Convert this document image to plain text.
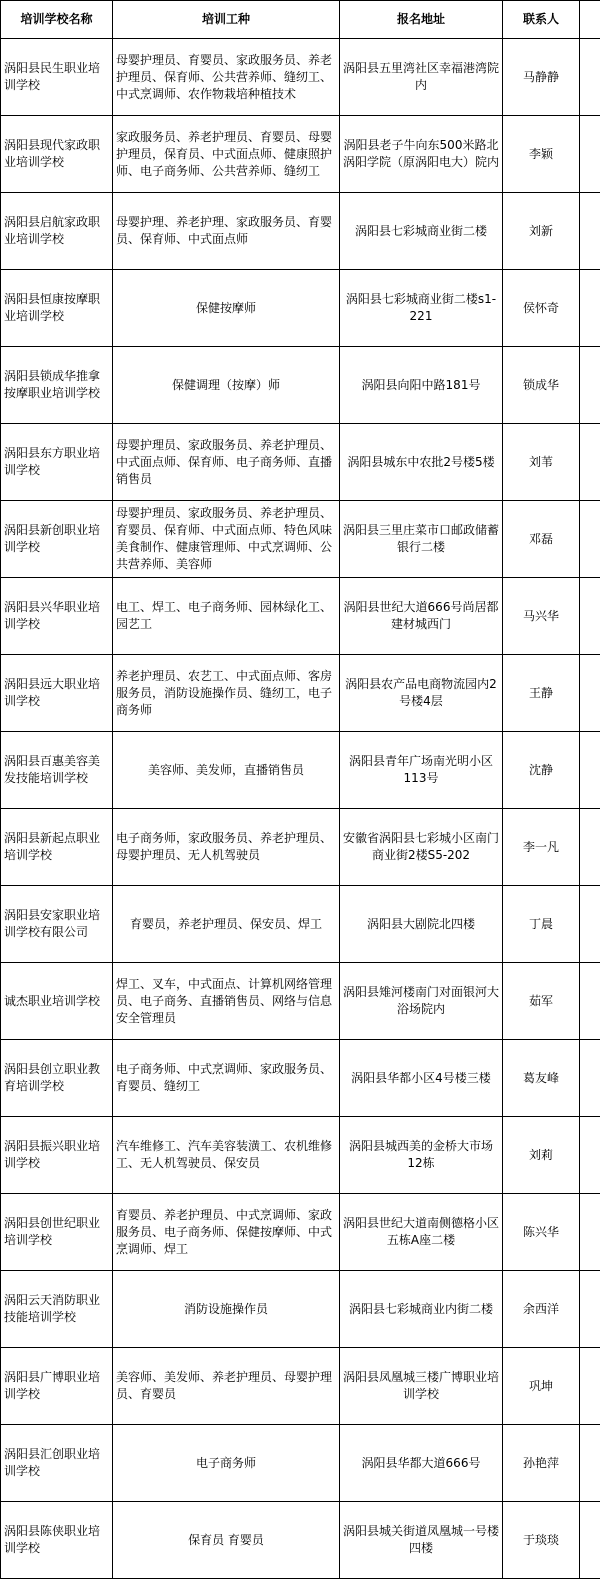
培训学校名称	培训工种	报名地址	联系人	
涡阳县民生职业培训学校	母婴护理员、育婴员、家政服务员、养老护理员、保育师、公共营养师、缝纫工、中式烹调师、农作物栽培种植技术	涡阳县五里湾社区幸福港湾院内	马静静	
涡阳县现代家政职业培训学校	家政服务员、养老护理员、育婴员、母婴护理员，保育员、中式面点师、健康照护师、电子商务师、公共营养师、缝纫工	涡阳县老子牛向东500米路北涡阳学院（原涡阳电大）院内	李颖	
涡阳县启航家政职业培训学校	母婴护理、养老护理、家政服务员、育婴员、保育师、中式面点师	涡阳县七彩城商业街二楼	刘新	
涡阳县恒康按摩职业培训学校	保健按摩师	涡阳县七彩城商业街二楼s1-221	侯怀奇	
涡阳县锁成华推拿按摩职业培训学校	保健调理（按摩）师	涡阳县向阳中路181号	锁成华	
涡阳县东方职业培训学校	母婴护理员、家政服务员、养老护理员、中式面点师、保育师、电子商务师、直播销售员	涡阳县城东中农批2号楼5楼	刘苇	
涡阳县新创职业培训学校	母婴护理员、家政服务员、养老护理员、育婴员、保育师、中式面点师、特色风味美食制作、健康管理师、中式烹调师、公共营养师、美容师	涡阳县三里庄菜市口邮政储蓄银行二楼	邓磊	
涡阳县兴华职业培训学校	电工、焊工、电子商务师、园林绿化工、园艺工	涡阳县世纪大道666号尚居都建材城西门	马兴华	
涡阳县远大职业培训学校	养老护理员、农艺工、中式面点师、客房服务员，消防设施操作员、缝纫工，电子商务师	涡阳县农产品电商物流园内2号楼4层	王静	
涡阳县百惠美容美发技能培训学校	美容师、美发师，直播销售员	涡阳县青年广场南光明小区113号	沈静	
涡阳县新起点职业培训学校	电子商务师，家政服务员、养老护理员、母婴护理员、无人机驾驶员	安徽省涡阳县七彩城小区南门商业街2楼S5-202	李一凡	
涡阳县安家职业培训学校有限公司	育婴员，养老护理员、保安员、焊工	涡阳县大剧院北四楼	丁晨	
诚杰职业培训学校	焊工、叉车，中式面点、计算机网络管理员、电子商务、直播销售员、网络与信息安全管理员	涡阳县雉河楼南门对面银河大浴场院内	茹军	
涡阳县创立职业教育培训学校	电子商务师、中式烹调师、家政服务员、育婴员、缝纫工	涡阳县华都小区4号楼三楼	葛友峰	
涡阳县振兴职业培训学校	汽车维修工、汽车美容装潢工、农机维修工、无人机驾驶员、保安员	涡阳县城西美的金桥大市场12栋	刘莉	
涡阳县创世纪职业培训学校	育婴员、养老护理员、中式烹调师、家政服务员、电子商务师、保健按摩师、中式烹调师、焊工	涡阳县世纪大道南侧德格小区五栋A座二楼	陈兴华	
涡阳云天消防职业技能培训学校	消防设施操作员	涡阳县七彩城商业内街二楼	余西洋	
涡阳县广博职业培训学校	美容师、美发师、养老护理员、母婴护理员、育婴员	涡阳县凤凰城三楼广博职业培训学校	巩坤	
涡阳县汇创职业培训学校	电子商务师	涡阳县华都大道666号	孙艳萍	
涡阳县陈侠职业培训学校	保育员 育婴员	涡阳县城关街道凤凰城一号楼四楼	于琰琰	
